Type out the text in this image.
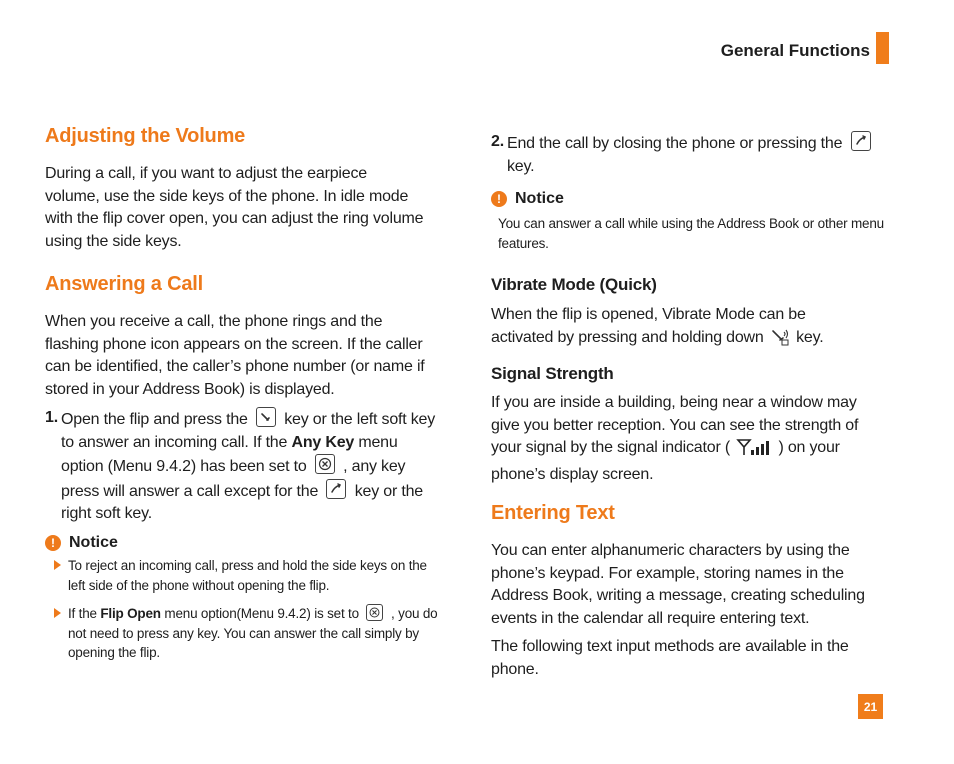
General Functions
Adjusting the Volume
During a call, if you want to adjust the earpiece volume, use the side keys of the phone. In idle mode with the flip cover open, you can adjust the ring volume using the side keys.
Answering a Call
When you receive a call, the phone rings and the flashing phone icon appears on the screen. If the caller can be identified, the caller’s phone number (or name if stored in your Address Book) is displayed.
1. Open the flip and press the key or the left soft key to answer an incoming call. If the Any Key menu option (Menu 9.4.2) has been set to , any key press will answer a call except for the key or the right soft key.
! Notice
To reject an incoming call, press and hold the side keys on the left side of the phone without opening the flip.
If the Flip Open menu option(Menu 9.4.2) is set to , you do not need to press any key. You can answer the call simply by opening the flip.
2. End the call by closing the phone or pressing the
key.
! Notice
You can answer a call while using the Address Book or other menu features.
Vibrate Mode (Quick)
When the flip is opened, Vibrate Mode can be activated by pressing and holding down key.
Signal Strength
If you are inside a building, being near a window may give you better reception. You can see the strength of your signal by the signal indicator (	) on your phone’s display screen.
Entering Text
You can enter alphanumeric characters by using the phone’s keypad. For example, storing names in the Address Book, writing a message, creating scheduling events in the calendar all require entering text.
The following text input methods are available in the phone.
21
